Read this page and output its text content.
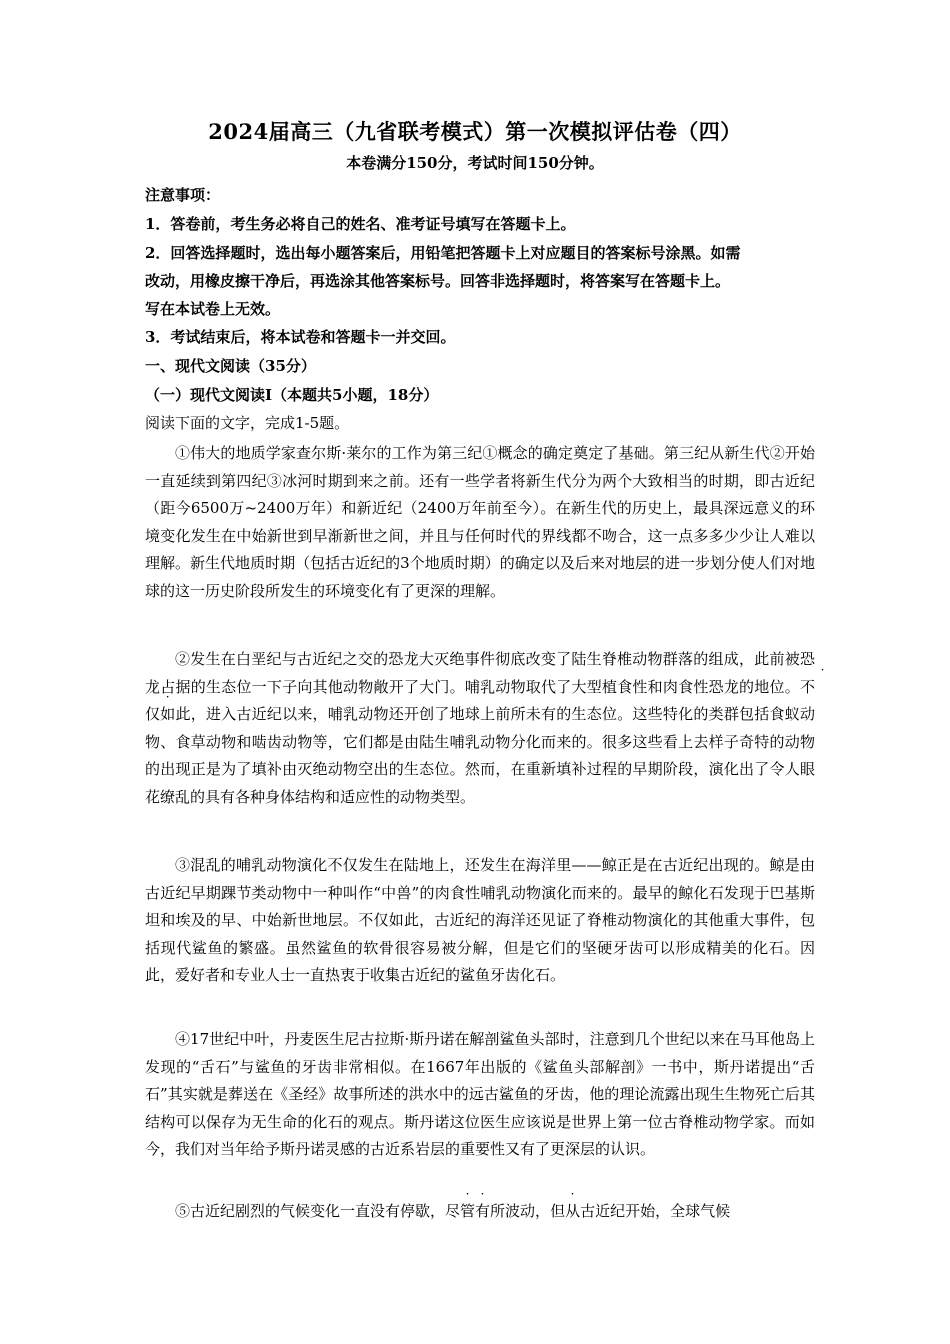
2024届高三（九省联考模式）第一次模拟评估卷（四）
本卷满分150分，考试时间150分钟。
注意事项：
1．答卷前，考生务必将自己的姓名、准考证号填写在答题卡上。
2．回答选择题时，选出每小题答案后，用铅笔把答题卡上对应题目的答案标号涂黑。如需
改动，用橡皮擦干净后，再选涂其他答案标号。回答非选择题时，将答案写在答题卡上。
写在本试卷上无效。
3．考试结束后，将本试卷和答题卡一并交回。
一、现代文阅读（35分）
（一）现代文阅读Ⅰ（本题共5小题，18分）
阅读下面的文字，完成1-5题。
①伟大的地质学家查尔斯·莱尔的工作为第三纪①概念的确定奠定了基础。第三纪从新生代②开始一直延续到第四纪③冰河时期到来之前。还有一些学者将新生代分为两个大致相当的时期，即古近纪（距今6500万~2400万年）和新近纪（2400万年前至今）。在新生代的历史上，最具深远意义的环境变化发生在中始新世到早渐新世之间，并且与任何时代的界线都不吻合，这一点多多少少让人难以理解。新生代地质时期（包括古近纪的3个地质时期）的确定以及后来对地层的进一步划分使人们对地球的这一历史阶段所发生的环境变化有了更深的理解。
②发生在白垩纪与古近纪之交的恐龙大灭绝事件彻底改变了陆生脊椎动物群落的组成，此前被恐龙占据的生态位一下子向其他动物敞开了大门。哺乳动物取代了大型植食性和肉食性恐龙的地位。不仅如此，进入古近纪以来，哺乳动物还开创了地球上前所未有的生态位。这些特化的类群包括食蚁动物、食草动物和啮齿动物等，它们都是由陆生哺乳动物分化而来的。很多这些看上去样子奇特的动物的出现正是为了填补由灭绝动物空出的生态位。然而，在重新填补过程的早期阶段，演化出了令人眼花缭乱的具有各种身体结构和适应性的动物类型。
③混乱的哺乳动物演化不仅发生在陆地上，还发生在海洋里——鲸正是在古近纪出现的。鲸是由古近纪早期踝节类动物中一种叫作“中兽”的肉食性哺乳动物演化而来的。最早的鲸化石发现于巴基斯坦和埃及的早、中始新世地层。不仅如此，古近纪的海洋还见证了脊椎动物演化的其他重大事件，包括现代鲨鱼的繁盛。虽然鲨鱼的软骨很容易被分解，但是它们的坚硬牙齿可以形成精美的化石。因此，爱好者和专业人士一直热衷于收集古近纪的鲨鱼牙齿化石。
④17世纪中叶，丹麦医生尼古拉斯·斯丹诺在解剖鲨鱼头部时，注意到几个世纪以来在马耳他岛上发现的“舌石”与鲨鱼的牙齿非常相似。在1667年出版的《鲨鱼头部解剖》一书中，斯丹诺提出“舌石”其实就是葬送在《圣经》故事所述的洪水中的远古鲨鱼的牙齿，他的理论流露出现生生物死亡后其结构可以保存为无生命的化石的观点。斯丹诺这位医生应该说是世界上第一位古脊椎动物学家。而如今，我们对当年给予斯丹诺灵感的古近系岩层的重要性又有了更深层的认识。
⑤古近纪剧烈的气候变化一直没有停歇，尽管有所波动，但从古近纪开始，全球气候
